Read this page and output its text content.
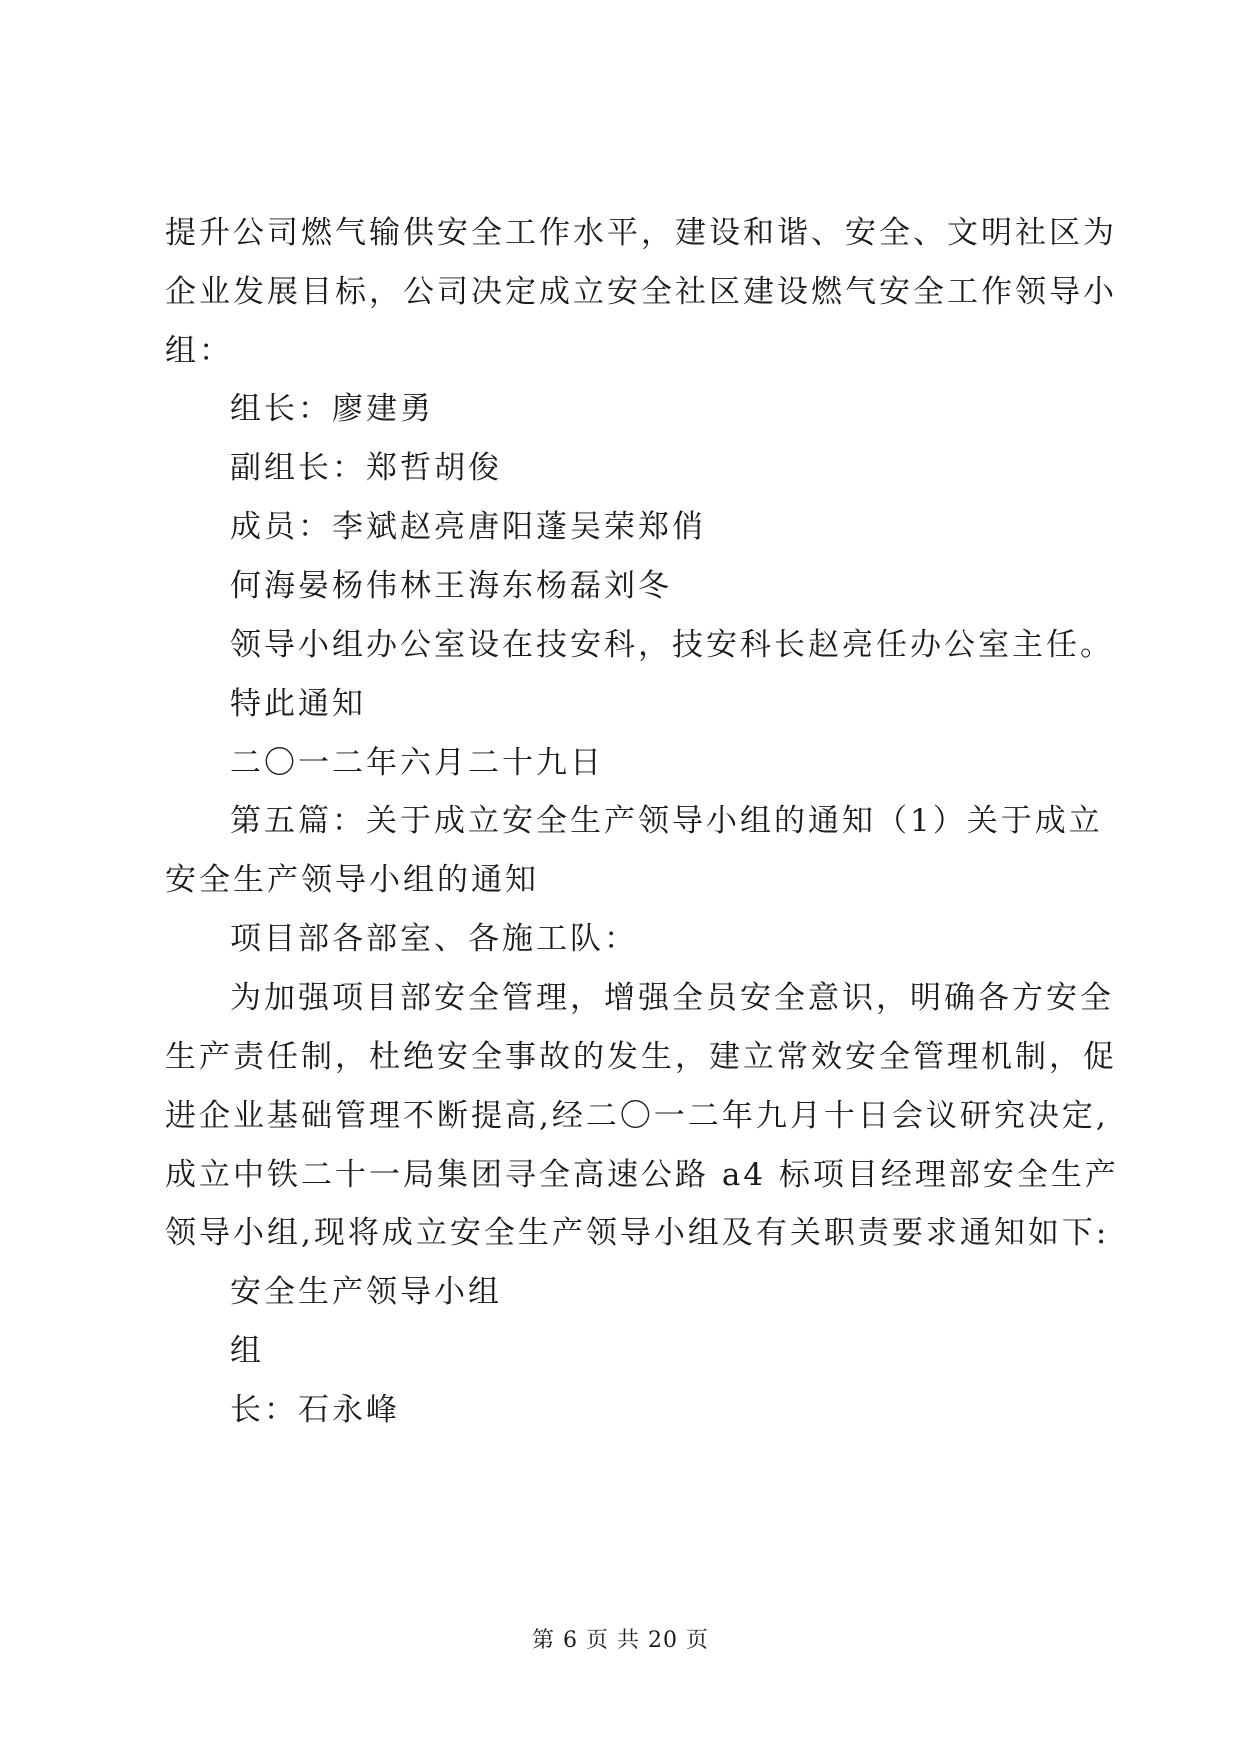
提升公司燃气输供安全工作水平，建设和谐、安全、文明社区为
企业发展目标，公司决定成立安全社区建设燃气安全工作领导小
组：
组长：廖建勇
副组长：郑哲胡俊
成员：李斌赵亮唐阳蓬吴荣郑俏
何海晏杨伟林王海东杨磊刘冬
领导小组办公室设在技安科，技安科长赵亮任办公室主任。
特此通知
二〇一二年六月二十九日
第五篇：关于成立安全生产领导小组的通知（1）关于成立
安全生产领导小组的通知
项目部各部室、各施工队：
为加强项目部安全管理，增强全员安全意识，明确各方安全
生产责任制，杜绝安全事故的发生，建立常效安全管理机制，促
进企业基础管理不断提高,经二〇一二年九月十日会议研究决定,
成立中铁二十一局集团寻全高速公路 a4 标项目经理部安全生产
领导小组,现将成立安全生产领导小组及有关职责要求通知如下:
安全生产领导小组
组
长：石永峰
第 6 页 共 20 页
